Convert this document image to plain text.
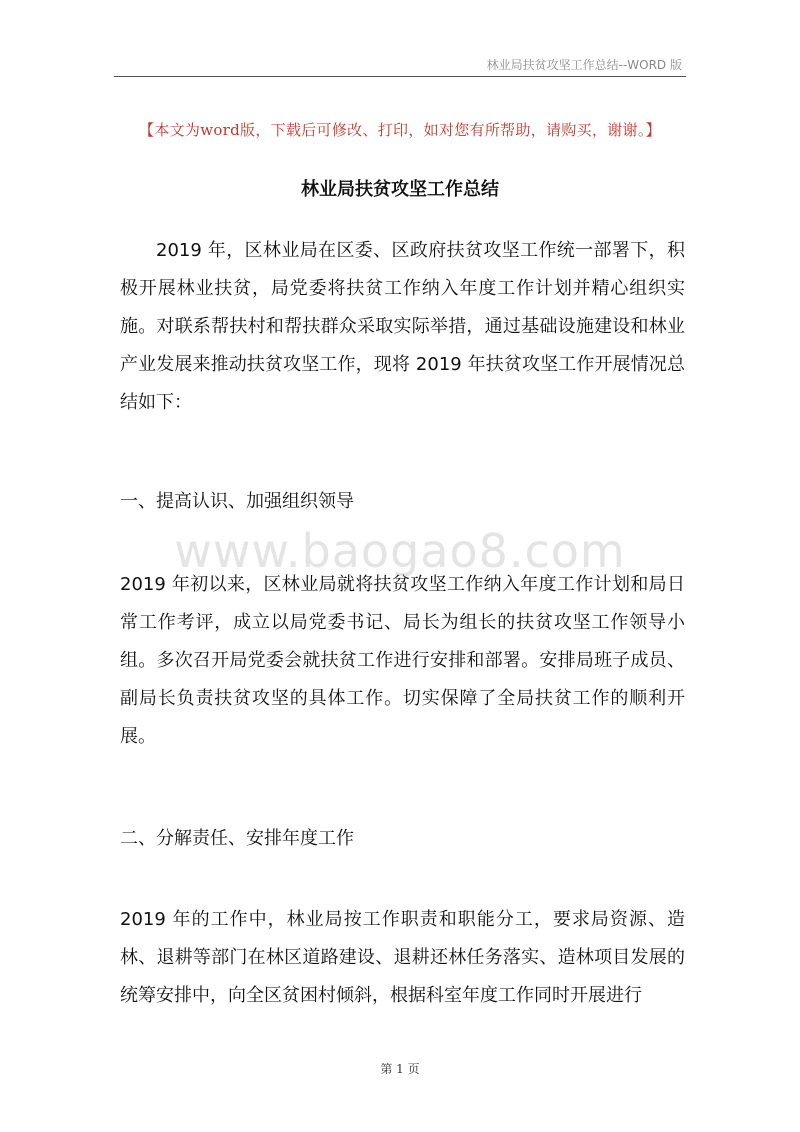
林业局扶贫攻坚工作总结--WORD 版
【本文为word版，下载后可修改、打印，如对您有所帮助，请购买，谢谢。】
林业局扶贫攻坚工作总结
2019 年，区林业局在区委、区政府扶贫攻坚工作统一部署下，积极开展林业扶贫，局党委将扶贫工作纳入年度工作计划并精心组织实施。对联系帮扶村和帮扶群众采取实际举措，通过基础设施建设和林业产业发展来推动扶贫攻坚工作，现将 2019 年扶贫攻坚工作开展情况总结如下：
一、提高认识、加强组织领导
www.baogao8.com
2019 年初以来，区林业局就将扶贫攻坚工作纳入年度工作计划和局日常工作考评，成立以局党委书记、局长为组长的扶贫攻坚工作领导小组。多次召开局党委会就扶贫工作进行安排和部署。安排局班子成员、副局长负责扶贫攻坚的具体工作。切实保障了全局扶贫工作的顺利开展。
二、分解责任、安排年度工作
2019 年的工作中，林业局按工作职责和职能分工，要求局资源、造林、退耕等部门在林区道路建设、退耕还林任务落实、造林项目发展的统筹安排中，向全区贫困村倾斜，根据科室年度工作同时开展进行
第 1 页
